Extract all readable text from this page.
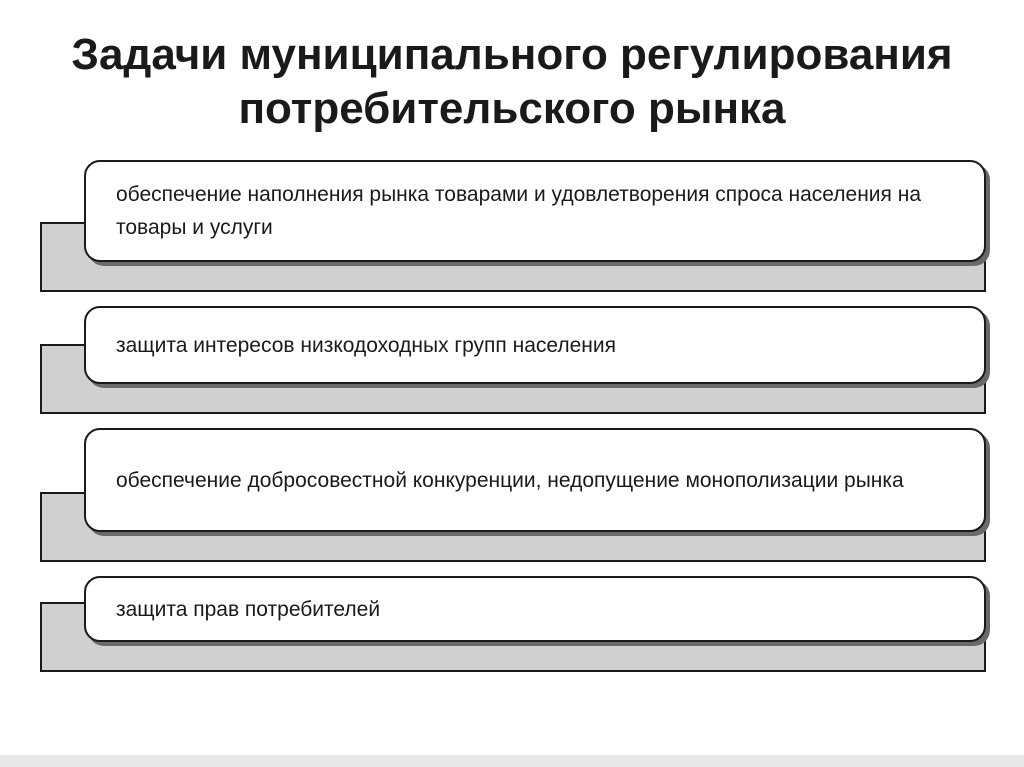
Задачи муниципального регулирования
потребительского рынка
обеспечение наполнения рынка товарами и удовлетворения спроса населения на товары и услуги
защита интересов низкодоходных групп населения
обеспечение добросовестной конкуренции, недопущение монополизации рынка
защита прав потребителей
